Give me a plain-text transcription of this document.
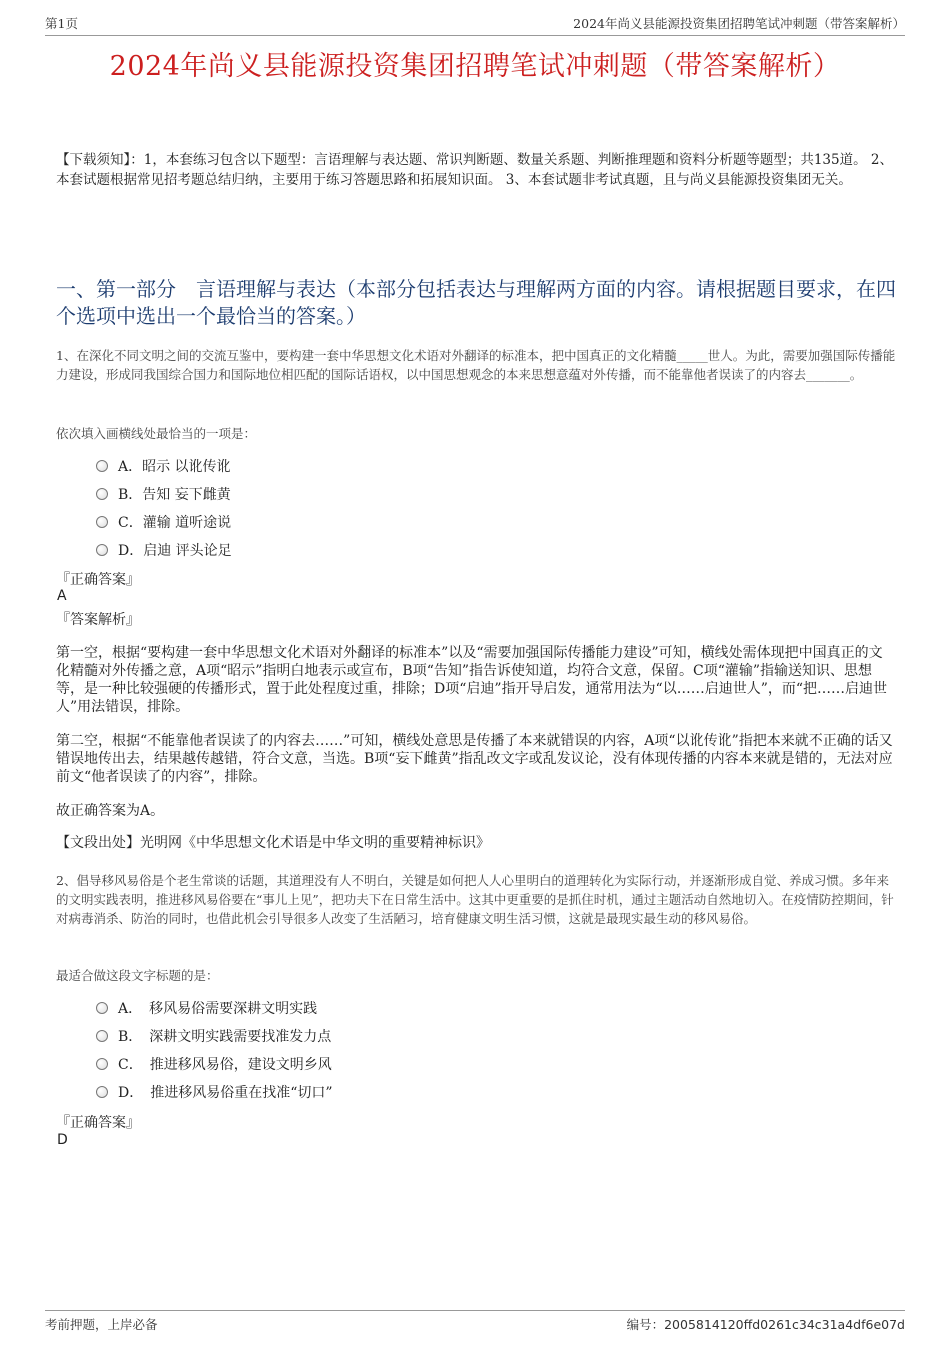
第1页	2024年尚义县能源投资集团招聘笔试冲刺题（带答案解析）
2024年尚义县能源投资集团招聘笔试冲刺题（带答案解析）
【下载须知】：1，本套练习包含以下题型：言语理解与表达题、常识判断题、数量关系题、判断推理题和资料分析题等题型；共135道。 2、本套试题根据常见招考题总结归纳，主要用于练习答题思路和拓展知识面。 3、本套试题非考试真题，且与尚义县能源投资集团无关。
一、第一部分　言语理解与表达（本部分包括表达与理解两方面的内容。请根据题目要求，在四个选项中选出一个最恰当的答案。）
1、在深化不同文明之间的交流互鉴中，要构建一套中华思想文化术语对外翻译的标准本，把中国真正的文化精髓_____世人。为此，需要加强国际传播能力建设，形成同我国综合国力和国际地位相匹配的国际话语权，以中国思想观念的本来思想意蕴对外传播，而不能靠他者误读了的内容去_______。
依次填入画横线处最恰当的一项是：
A．昭示 以讹传讹
B．告知 妄下雌黄
C．灌输 道听途说
D．启迪 评头论足
『正确答案』
A
『答案解析』
第一空，根据“要构建一套中华思想文化术语对外翻译的标准本”以及“需要加强国际传播能力建设”可知，横线处需体现把中国真正的文化精髓对外传播之意，A项“昭示”指明白地表示或宣布，B项“告知”指告诉使知道，均符合文意，保留。C项“灌输”指输送知识、思想等，是一种比较强硬的传播形式，置于此处程度过重，排除；D项“启迪”指开导启发，通常用法为“以……启迪世人”，而“把……启迪世人”用法错误，排除。
第二空，根据“不能靠他者误读了的内容去……”可知，横线处意思是传播了本来就错误的内容，A项“以讹传讹”指把本来就不正确的话又错误地传出去，结果越传越错，符合文意，当选。B项“妄下雌黄”指乱改文字或乱发议论，没有体现传播的内容本来就是错的，无法对应前文“他者误读了的内容”，排除。
故正确答案为A。
【文段出处】光明网《中华思想文化术语是中华文明的重要精神标识》
2、倡导移风易俗是个老生常谈的话题，其道理没有人不明白，关键是如何把人人心里明白的道理转化为实际行动，并逐渐形成自觉、养成习惯。多年来的文明实践表明，推进移风易俗要在“事儿上见”，把功夫下在日常生活中。这其中更重要的是抓住时机，通过主题活动自然地切入。在疫情防控期间，针对病毒消杀、防治的同时，也借此机会引导很多人改变了生活陋习，培育健康文明生活习惯，这就是最现实最生动的移风易俗。
最适合做这段文字标题的是：
A．　移风易俗需要深耕文明实践
B．　深耕文明实践需要找准发力点
C．　推进移风易俗，建设文明乡风
D．　推进移风易俗重在找准“切口”
『正确答案』
D
考前押题，上岸必备	编号：2005814120ffd0261c34c31a4df6e07d
